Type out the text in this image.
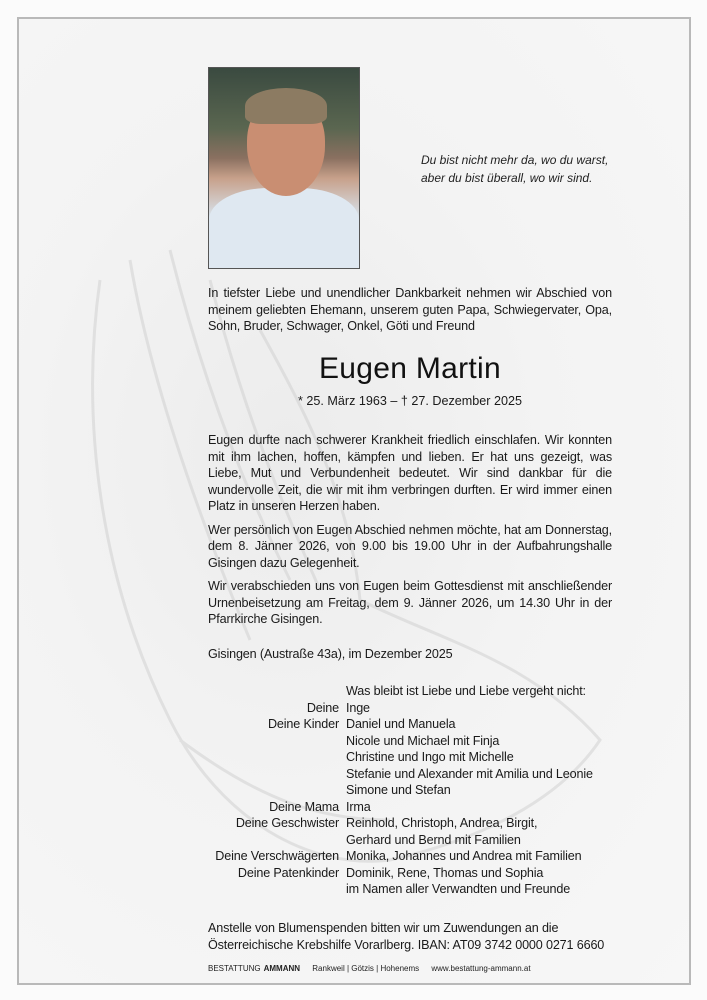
Du bist nicht mehr da, wo du warst,
aber du bist überall, wo wir sind.

In tiefster Liebe und unendlicher Dankbarkeit nehmen wir Abschied von meinem geliebten Ehemann, unserem guten Papa, Schwiegervater, Opa, Sohn, Bruder, Schwager, Onkel, Göti und Freund

Eugen Martin
* 25. März 1963 – † 27. Dezember 2025

Eugen durfte nach schwerer Krankheit friedlich einschlafen. Wir konnten mit ihm lachen, hoffen, kämpfen und lieben. Er hat uns gezeigt, was Liebe, Mut und Verbundenheit bedeutet. Wir sind dankbar für die wundervolle Zeit, die wir mit ihm verbringen durften. Er wird immer einen Platz in unseren Herzen haben.

Wer persönlich von Eugen Abschied nehmen möchte, hat am Donnerstag, dem 8. Jänner 2026, von 9.00 bis 19.00 Uhr in der Aufbahrungshalle Gisingen dazu Gelegenheit.

Wir verabschieden uns von Eugen beim Gottesdienst mit anschließender Urnenbeisetzung am Freitag, dem 9. Jänner 2026, um 14.30 Uhr in der Pfarrkirche Gisingen.

Gisingen (Austraße 43a), im Dezember 2025
Was bleibt ist Liebe und Liebe vergeht nicht:
Deine Inge
Deine Kinder Daniel und Manuela
Nicole und Michael mit Finja
Christine und Ingo mit Michelle
Stefanie und Alexander mit Amilia und Leonie
Simone und Stefan
Deine Mama Irma
Deine Geschwister Reinhold, Christoph, Andrea, Birgit,
Gerhard und Bernd mit Familien
Deine Verschwägerten Monika, Johannes und Andrea mit Familien
Deine Patenkinder Dominik, Rene, Thomas und Sophia
im Namen aller Verwandten und Freunde
Anstelle von Blumenspenden bitten wir um Zuwendungen an die
Österreichische Krebshilfe Vorarlberg. IBAN: AT09 3742 0000 0271 6660
BESTATTUNG AMMANN Rankweil | Götzis | Hohenems www.bestattung-ammann.at
